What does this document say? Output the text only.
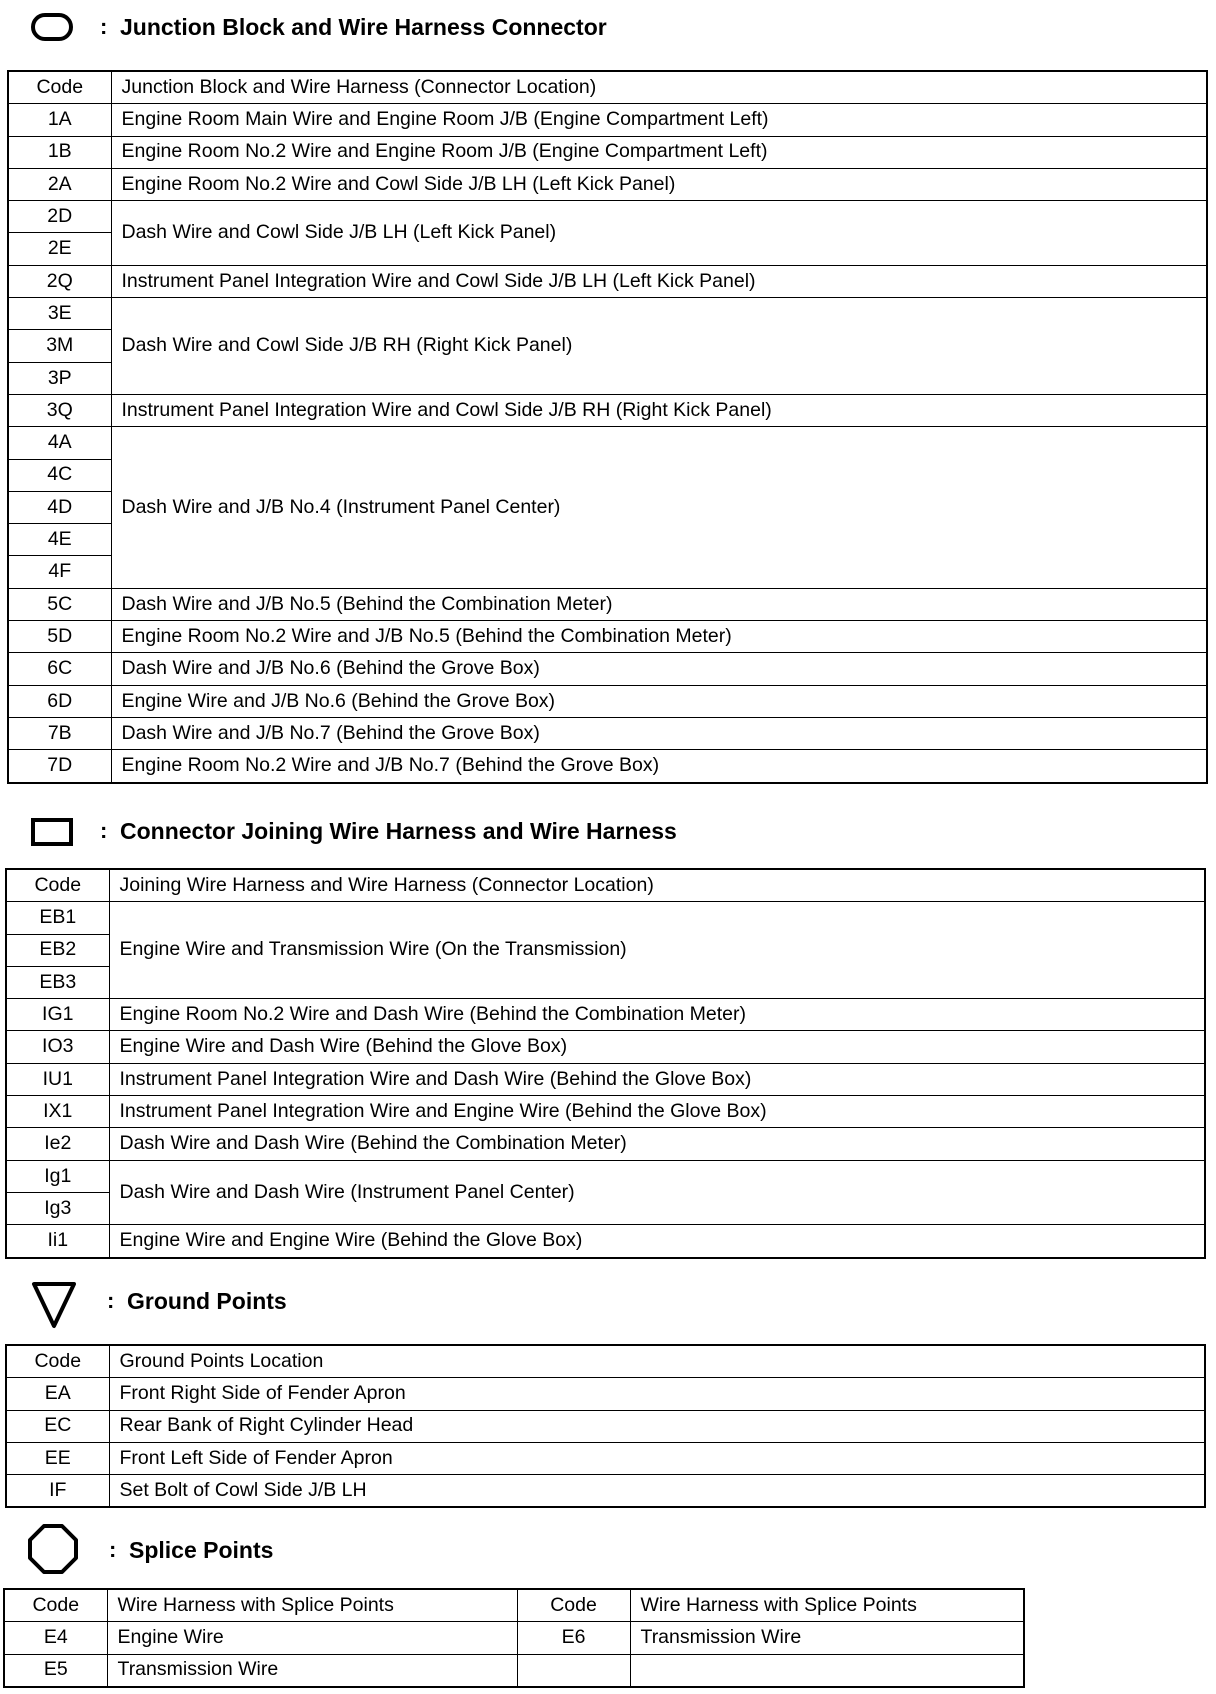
: Junction Block and Wire Harness Connector
Code	Junction Block and Wire Harness (Connector Location)
1A	Engine Room Main Wire and Engine Room J/B (Engine Compartment Left)
1B	Engine Room No.2 Wire and Engine Room J/B (Engine Compartment Left)
2A	Engine Room No.2 Wire and Cowl Side J/B LH (Left Kick Panel)
2D	Dash Wire and Cowl Side J/B LH (Left Kick Panel)
2E	
2Q	Instrument Panel Integration Wire and Cowl Side J/B LH (Left Kick Panel)
3E	Dash Wire and Cowl Side J/B RH (Right Kick Panel)
3M	
3P	
3Q	Instrument Panel Integration Wire and Cowl Side J/B RH (Right Kick Panel)
4A	Dash Wire and J/B No.4 (Instrument Panel Center)
4C	
4D	
4E	
4F	
5C	Dash Wire and J/B No.5 (Behind the Combination Meter)
5D	Engine Room No.2 Wire and J/B No.5 (Behind the Combination Meter)
6C	Dash Wire and J/B No.6 (Behind the Grove Box)
6D	Engine Wire and J/B No.6 (Behind the Grove Box)
7B	Dash Wire and J/B No.7 (Behind the Grove Box)
7D	Engine Room No.2 Wire and J/B No.7 (Behind the Grove Box)
: Connector Joining Wire Harness and Wire Harness
Code	Joining Wire Harness and Wire Harness (Connector Location)
EB1	Engine Wire and Transmission Wire (On the Transmission)
EB2	
EB3	
IG1	Engine Room No.2 Wire and Dash Wire (Behind the Combination Meter)
IO3	Engine Wire and Dash Wire (Behind the Glove Box)
IU1	Instrument Panel Integration Wire and Dash Wire (Behind the Glove Box)
IX1	Instrument Panel Integration Wire and Engine Wire (Behind the Glove Box)
Ie2	Dash Wire and Dash Wire (Behind the Combination Meter)
Ig1	Dash Wire and Dash Wire (Instrument Panel Center)
Ig3	
Ii1	Engine Wire and Engine Wire (Behind the Glove Box)
: Ground Points
Code	Ground Points Location
EA	Front Right Side of Fender Apron
EC	Rear Bank of Right Cylinder Head
EE	Front Left Side of Fender Apron
IF	Set Bolt of Cowl Side J/B LH
: Splice Points
Code	Wire Harness with Splice Points	Code	Wire Harness with Splice Points
E4	Engine Wire	E6	Transmission Wire
E5	Transmission Wire		
